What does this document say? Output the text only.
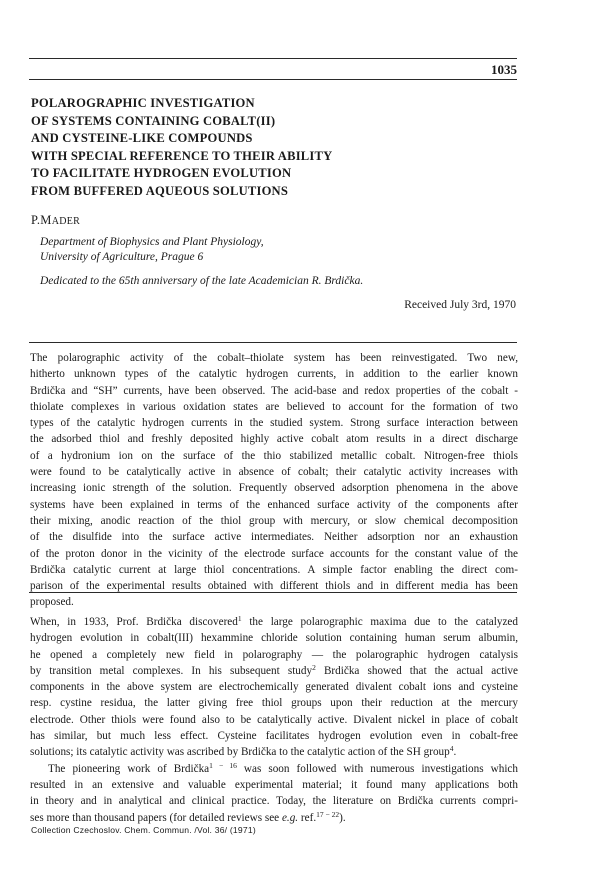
1035
POLAROGRAPHIC INVESTIGATION
OF SYSTEMS CONTAINING COBALT(II)
AND CYSTEINE-LIKE COMPOUNDS
WITH SPECIAL REFERENCE TO THEIR ABILITY
TO FACILITATE HYDROGEN EVOLUTION
FROM BUFFERED AQUEOUS SOLUTIONS
P.MADER
Department of Biophysics and Plant Physiology,
University of Agriculture, Prague 6
Dedicated to the 65th anniversary of the late Academician R. Brdička.
Received July 3rd, 1970
The polarographic activity of the cobalt–thiolate system has been reinvestigated. Two new,
hitherto unknown types of the catalytic hydrogen currents, in addition to the earlier known
Brdička and “SH” currents, have been observed. The acid-base and redox properties of the cobalt -
thiolate complexes in various oxidation states are believed to account for the formation of two
types of the catalytic hydrogen currents in the studied system. Strong surface interaction between
the adsorbed thiol and freshly deposited highly active cobalt atom results in a direct discharge
of a hydronium ion on the surface of the thio stabilized metallic cobalt. Nitrogen-free thiols
were found to be catalytically active in absence of cobalt; their catalytic activity increases with
increasing ionic strength of the solution. Frequently observed adsorption phenomena in the above
systems have been explained in terms of the enhanced surface activity of the components after
their mixing, anodic reaction of the thiol group with mercury, or slow chemical decomposition
of the disulfide into the surface active intermediates. Neither adsorption nor an exhaustion
of the proton donor in the vicinity of the electrode surface accounts for the constant value of the
Brdička catalytic current at large thiol concentrations. A simple factor enabling the direct com-
parison of the experimental results obtained with different thiols and in different media has been
proposed.
When, in 1933, Prof. Brdička discovered$^1$ the large polarographic maxima due to the catalyzed
hydrogen evolution in cobalt(III) hexammine chloride solution containing human serum albumin,
he opened a completely new field in polarography — the polarographic hydrogen catalysis
by transition metal complexes. In his subsequent study$^2$ Brdička showed that the actual active
components in the above system are electrochemically generated divalent cobalt ions and cysteine
resp. cystine residua, the latter giving free thiol groups upon their reduction at the mercury
electrode. Other thiols were found also to be catalytically active. Divalent nickel in place of cobalt
has similar, but much less effect. Cysteine facilitates hydrogen evolution even in cobalt-free
solutions; its catalytic activity was ascribed by Brdička to the catalytic action of the SH group$^4$.
The pioneering work of Brdička$^{1 - 16}$ was soon followed with numerous investigations which
resulted in an extensive and valuable experimental material; it found many applications both
in theory and in analytical and clinical practice. Today, the literature on Brdička currents compri-
ses more than thousand papers (for detailed reviews see e.g. ref.$^{17 - 22}$).
Collection Czechoslov. Chem. Commun. /Vol. 36/ (1971)
